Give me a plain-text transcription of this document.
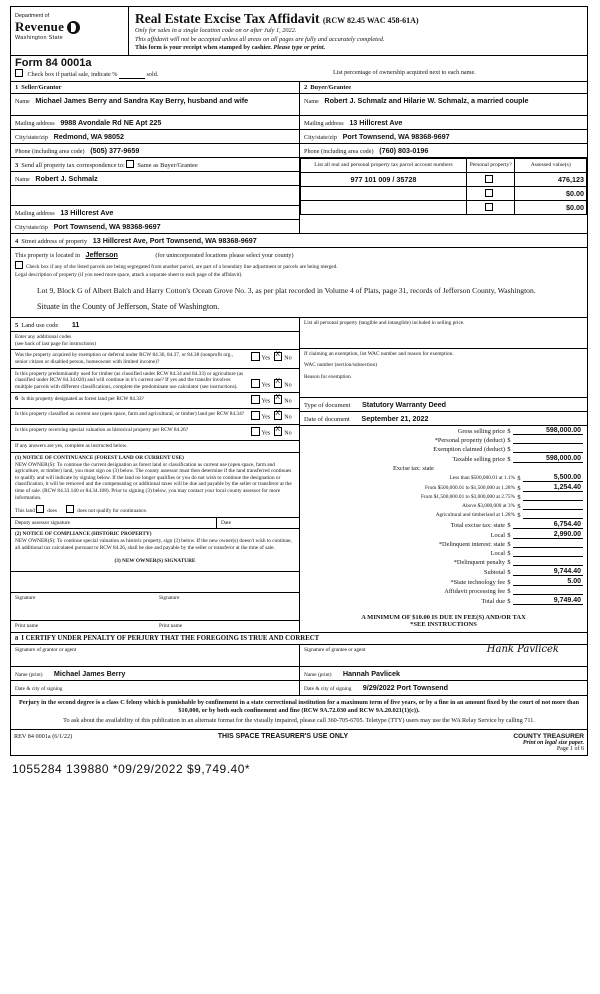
Department of
Revenue
Washington State
Real Estate Excise Tax Affidavit (RCW 82.45 WAC 458-61A)
Only for sales in a single location code on or after July 1, 2022.
This affidavit will not be accepted unless all areas on all pages are fully and accurately completed.
This form is your receipt when stamped by cashier. Please type or print.
Form 84 0001a
Check box if partial sale, indicate %	sold.	List percentage of ownership acquired next to each name.
1 Seller/Grantor
Name Michael James Berry and Sandra Kay Berry, husband and wife
Mailing address 9988 Avondale Rd NE Apt 225
City/state/zip Redmond, WA 98052
Phone (including area code) (505) 377-9659
2 Buyer/Grantee
Name Robert J. Schmalz and Hilarie W. Schmalz, a married couple
Mailing address 13 Hillcrest Ave
City/state/zip Port Townsend, WA 98368-9697
Phone (including area code) (760) 803-0196
3 Send all property tax correspondence to: Same as Buyer/Grantee
Name Robert J. Schmalz

Mailing address 13 Hillcrest Ave
City/state/zip Port Townsend, WA 98368-9697
List all real and personal property tax parcel account numbers	Personal property?	Assessed value(s)
977 101 009 / 35728		476,123
		$0.00
		$0.00
4 Street address of property 13 Hillcrest Ave, Port Townsend, WA 98368-9697
This property is located in Jefferson	(for unincorporated locations please select your county)
Check box if any of the listed parcels are being segregated from another parcel, are part of a boundary line adjustment or parcels are being merged.
Legal description of property (if you need more space, attach a separate sheet to each page of the affidavit).
Lot 9, Block G of Albert Balch and Harry Cotton's Ocean Grove No. 3, as per plat recorded in Volume 4 of Plats, page 31, records of Jefferson County, Washington.
Situate in the County of Jefferson, State of Washington.
5 Land use code 11
Enter any additional codes
(see back of last page for instructions)
Was the property acquired by exemption or deferral under RCW 84.36, 84.37, or 84.38 (nonprofit org., senior citizen or disabled person, homeowner with limited income)?
Yes X No
Is this property predominantly used for timber (as classified under RCW 84.34 and 84.33) or agriculture (as classified under RCW 84.34.020) and will continue in it's current use? If yes and the transfer involves multiple parcels with different classifications, complete the predominate use calculator (see instructions).	Yes X No
6 Is this property designated as forest land per RCW 84.33?	Yes X No
Is this property classified as current use (open space, farm and agricultural, or timber) land per RCW 84.34?
Yes X No
Is this property receiving special valuation as historical property per RCW 84.26?
Yes X No
If any answers are yes, complete as instructed below.
(1) NOTICE OF CONTINUANCE (FOREST LAND OR CURRENT USE)
NEW OWNER(S): To continue the current designation as forest land or classification as current use (open space, farm and agriculture, or timber) land, you must sign on (3) below. The county assessor must then determine if the land transferred continues to qualify and will indicate by signing below. If the land no longer qualifies or you do not wish to continue the designation or classification, it will be removed and the compensating or additional taxes will be due and payable by the seller or transferor at the time of sale. (RCW 84.33.140 or 84.34.108). Prior to signing (3) below, you may contact your local county assessor for more information.
This land does	does not qualify for continuance.
Deputy assessor signature	Date
(2) NOTICE OF COMPLIANCE (HISTORIC PROPERTY)
NEW OWNER(S): To continue special valuation as historic property, sign (3) below. If the new owner(s) doesn't wish to continue, all additional tax calculated pursuant to RCW 84.26, shall be due and payable by the seller or transferor at the time of sale.
(3) NEW OWNER(S) SIGNATURE
Signature	Signature
Print name	Print name
List all personal property (tangible and intangible) included in selling price.
If claiming an exemption, list WAC number and reason for exemption.
WAC number (section/subsection)
Reason for exemption
Type of document Statutory Warranty Deed
Date of document September 21, 2022
Gross selling price $	598,000.00
*Personal property (deduct) $
Exemption claimed (deduct) $
Taxable selling price $	598,000.00
Excise tax: state
Less than $500,000.01 at 1.1% $	5,500.00
From $500,000.01 to $1,500,000 at 1.28% $	1,254.40
From $1,500,000.01 to $3,000,000 at 2.75% $
Above $3,000,000 at 3% $
Agricultural and timberland at 1.28% $
Total excise tax: state $	6,754.40
Local $	2,990.00
*Delinquent interest: state $
Local $
*Delinquent penalty $
Subtotal $	9,744.40
*State technology fee $	5.00
Affidavit processing fee $
Total due $	9,749.40
A MINIMUM OF $10.00 IS DUE IN FEE(S) AND/OR TAX
*SEE INSTRUCTIONS
8 I CERTIFY UNDER PENALTY OF PERJURY THAT THE FOREGOING IS TRUE AND CORRECT
Signature of grantor or agent	Signature of grantee or agent	Hank Pavlicek
Name (print) Michael James Berry	Name (print) Hannah Pavlicek
Date & city of signing	Date & city of signing 9/29/2022 Port Townsend
Perjury in the second degree is a class C felony which is punishable by confinement in a state correctional institution for a maximum term of five years, or by a fine in an amount fixed by the court of not more than $10,000, or by both such confinement and fine (RCW 9A.72.030 and RCW 9A.20.021(1)(c)).
To ask about the availability of this publication in an alternate format for the visually impaired, please call 360-705-6705. Teletype (TTY) users may use the WA Relay Service by calling 711.
REV 84 0001a (6/1/22)	THIS SPACE TREASURER'S USE ONLY	COUNTY TREASURER
Print on legal size paper.
Page 1 of 6
1055284 139880 *09/29/2022 $9,749.40*
